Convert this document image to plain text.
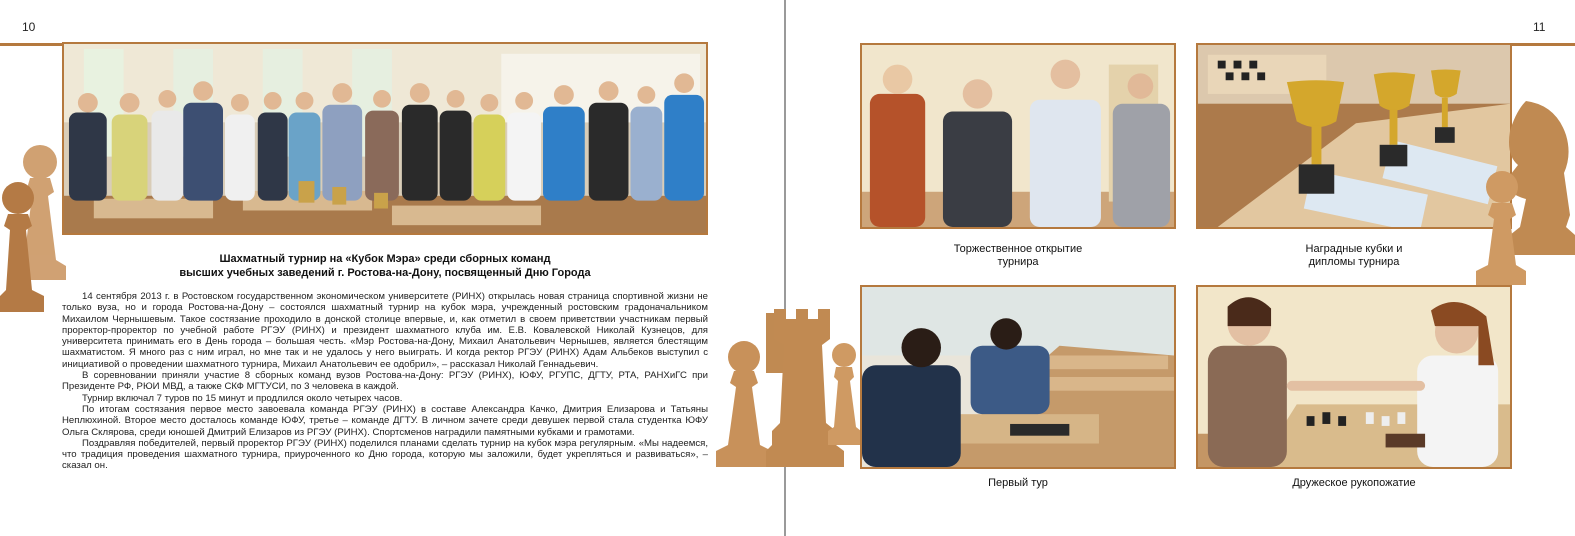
10
Шахматный турнир на «Кубок Мэра» среди сборных команд
высших учебных заведений г. Ростова-на-Дону, посвященный Дню Города

14 сентября 2013 г. в Ростовском государственном экономическом университете (РИНХ) открылась новая страница спортивной жизни не только вуза, но и города Ростова-на-Дону – состоялся шахматный турнир на кубок мэра, учрежденный ростовским градоначальником Михаилом Чернышевым. Такое состязание проходило в донской столице впервые, и, как отметил в своем приветствии участникам первый проректор-проректор по учебной работе РГЭУ (РИНХ) и президент шахматного клуба им. Е.В. Ковалевской Николай Кузнецов, для университета принимать его в День города – большая честь. «Мэр Ростова-на-Дону, Михаил Анатольевич Чернышев, является блестящим шахматистом. Я много раз с ним играл, но мне так и не удалось у него выиграть. И когда ректор РГЭУ (РИНХ) Адам Альбеков выступил с инициативой о проведении шахматного турнира, Михаил Анатольевич ее одобрил», – рассказал Николай Геннадьевич.

В соревновании приняли участие 8 сборных команд вузов Ростова-на-Дону: РГЭУ (РИНХ), ЮФУ, РГУПС, ДГТУ, РТА, РАНХиГС при Президенте РФ, РЮИ МВД, а также СКФ МГТУСИ, по 3 человека в каждой.

Турнир включал 7 туров по 15 минут и продлился около четырех часов.

По итогам состязания первое место завоевала команда РГЭУ (РИНХ) в составе Александра Качко, Дмитрия Елизарова и Татьяны Неплюхиной. Второе место досталось команде ЮФУ, третье – команде ДГТУ. В личном зачете среди девушек первой стала студентка ЮФУ Ольга Склярова, среди юношей Дмитрий Елизаров из РГЭУ (РИНХ). Спортсменов наградили памятными кубками и грамотами.

Поздравляя победителей, первый проректор РГЭУ (РИНХ) поделился планами сделать турнир на кубок мэра регулярным. «Мы надеемся, что традиция проведения шахматного турнира, приуроченного ко Дню города, которую мы заложили, будет укрепляться и развиваться», – сказал он.

11
Торжественное открытие
турнира
Наградные кубки и
дипломы турнира
Первый тур	Дружеское рукопожатие
